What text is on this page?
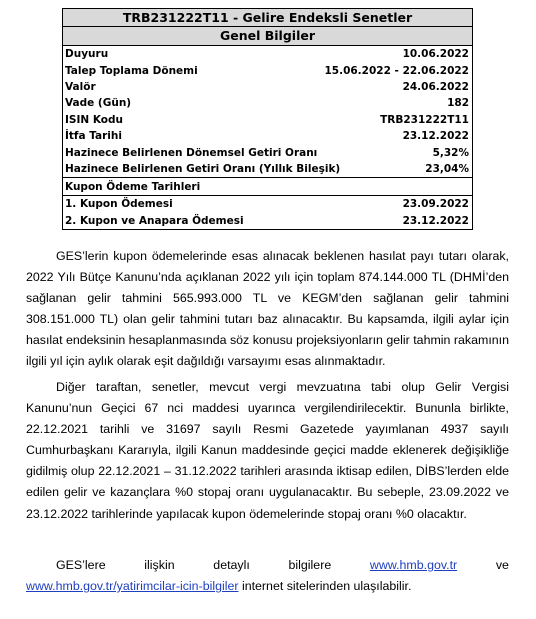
TRB231222T11 - Gelire Endeksli Senetler
Genel Bilgiler
Duyuru	10.06.2022
Talep Toplama Dönemi	15.06.2022 - 22.06.2022
Valör	24.06.2022
Vade (Gün)	182
ISIN Kodu	TRB231222T11
İtfa Tarihi	23.12.2022
Hazinece Belirlenen Dönemsel Getiri Oranı	5,32%
Hazinece Belirlenen Getiri Oranı (Yıllık Bileşik)	23,04%
Kupon Ödeme Tarihleri
1. Kupon Ödemesi	23.09.2022
2. Kupon ve Anapara Ödemesi	23.12.2022

GES’lerin kupon ödemelerinde esas alınacak beklenen hasılat payı tutarı olarak, 2022 Yılı Bütçe Kanunu’nda açıklanan 2022 yılı için toplam 874.144.000 TL (DHMİ’den sağlanan gelir tahmini 565.993.000 TL ve KEGM’den sağlanan gelir tahmini 308.151.000 TL) olan gelir tahmini tutarı baz alınacaktır. Bu kapsamda, ilgili aylar için hasılat endeksinin hesaplanmasında söz konusu projeksiyonların gelir tahmin rakamının ilgili yıl için aylık olarak eşit dağıldığı varsayımı esas alınmaktadır.

Diğer taraftan, senetler, mevcut vergi mevzuatına tabi olup Gelir Vergisi Kanunu’nun Geçici 67 nci maddesi uyarınca vergilendirilecektir. Bununla birlikte, 22.12.2021 tarihli ve 31697 sayılı Resmi Gazetede yayımlanan 4937 sayılı Cumhurbaşkanı Kararıyla, ilgili Kanun maddesinde geçici madde eklenerek değişikliğe gidilmiş olup 22.12.2021 – 31.12.2022 tarihleri arasında iktisap edilen, DİBS’lerden elde edilen gelir ve kazançlara %0 stopaj oranı uygulanacaktır. Bu sebeple, 23.09.2022 ve 23.12.2022 tarihlerinde yapılacak kupon ödemelerinde stopaj oranı %0 olacaktır.

GES’lere	ilişkin	detaylı	bilgilere	www.hmb.gov.tr	ve
www.hmb.gov.tr/yatirimcilar-icin-bilgiler internet sitelerinden ulaşılabilir.
